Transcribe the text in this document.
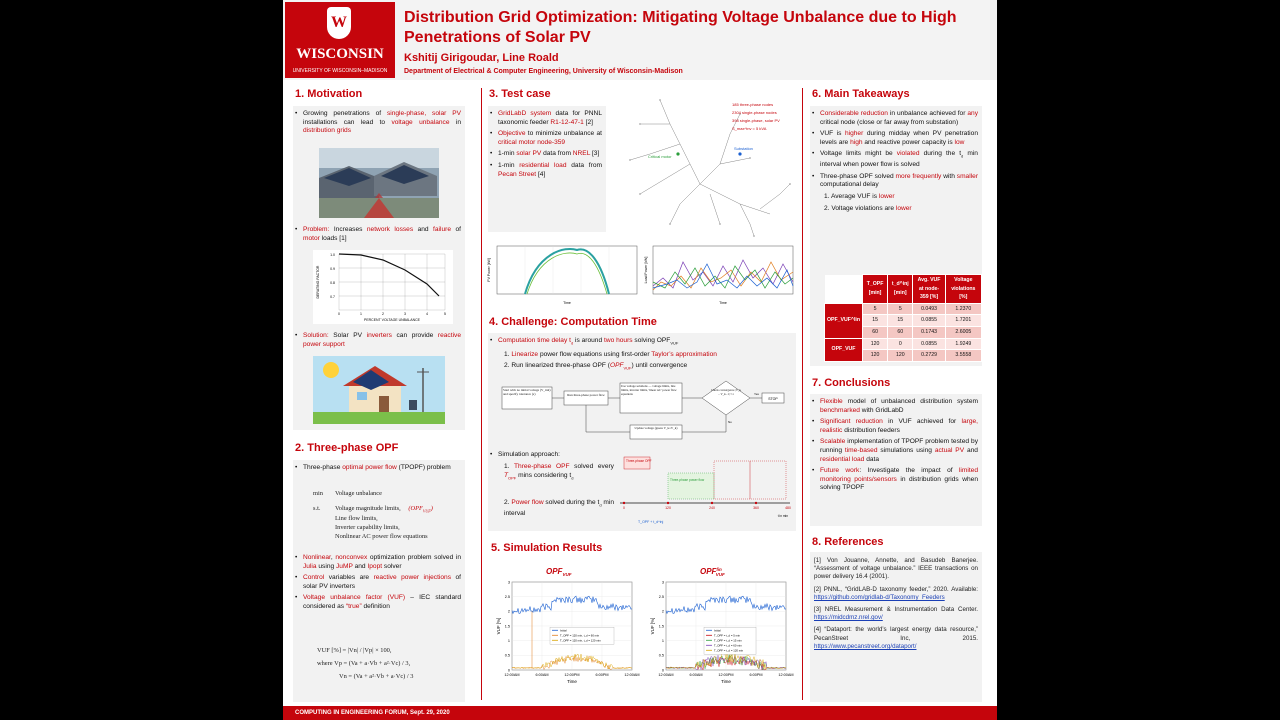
W
WISCONSIN
UNIVERSITY OF WISCONSIN–MADISON
Distribution Grid Optimization: Mitigating Voltage Unbalance due to High Penetrations of Solar PV
Kshitij Girigoudar, Line Roald
Department of Electrical & Computer Engineering, University of Wisconsin-Madison
1. Motivation
• Growing penetrations of single-phase, solar PV installations can lead to voltage unbalance in distribution grids
• Problem: Increases network losses and failure of motor loads [1]
1.0
0.9
0.8
0.7
0	1	2	3	4	5
PERCENT VOLTAGE UNBALANCE
DERATING FACTOR
• Solution: Solar PV inverters can provide reactive power support
2. Three-phase OPF
• Three-phase optimal power flow (TPOPF) problem
min Voltage unbalance
s.t. Voltage magnitude limits, $(OPF_{VUF})$
Line flow limits,
Inverter capability limits,
Nonlinear AC power flow equations
• Nonlinear, nonconvex optimization problem solved in Julia using JuMP and Ipopt solver
• Control variables are reactive power injections of solar PV inverters
• Voltage unbalance factor (VUF) – IEC standard considered as “true” definition
VUF [%] = |Vn| / |Vp| × 100,
where Vp = (Va + a·Vb + a²·Vc) / 3,
Vn = (Va + a²·Vb + a·Vc) / 3
3. Test case
• GridLabD system data for PNNL taxonomic feeder R1-12-47-1 [2]
• Objective to minimize unbalance at critical motor node-359
• 1-min solar PV data from NREL [3]
• 1-min residential load data from Pecan Street [4]
185 three-phase nodes
2304 single-phase nodes
398 single-phase, solar PV
S_max^inv = 5 kVA
Critical motor
Substation
PV Power [kW]
Time
Load Power [kW]
Time
4. Challenge: Computation Time
• Computation time delay $t_d$ is around two hours solving $OPF_{VUF}$
1. Linearize power flow equations using first-order Taylor’s approximation
2. Run linearized three-phase OPF $(OPF_{VUF})$ until convergence
Start with no initial voltage (V_init) and specify tolerance (ε)	Run three-phase power flow
Use voltage solutions — voltage limits, line limits, inverter limits, 'linear AC' power flow equations
Check convergence |V_k − V_k−1| < ε
STOP
Yes
No
Update voltage (guess V_k=V_k)
• Simulation approach:
1. Three-phase OPF solved every $T_{OPF}$ mins considering $t_d$
2. Power flow solved during the $t_d$ min interval
Three-phase OPF
Three-phase power flow
0	120	240	360	480
t in min
T_OPF + t_d^inj
5. Simulation Results
$OPF_{VUF}$	$OPF^{lin}$ VUF
0
0.5
1
1.5
2
2.5
3
12:00AM	6:00AM	12:00PM	6:00PM	12:00AM
Time
VUF [%]	Initial
T_OPF = 120 min, t_d = 60 min
T_OPF = 120 min, t_d = 120 min
0
0.5
1
1.5
2
2.5
3
12:00AM	6:00AM	12:00PM	6:00PM	12:00AM
Time
VUF [%]	Initial
T_OPF = t_d = 5 min
T_OPF = t_d = 15 min
T_OPF = t_d = 60 min
T_OPF = t_d = 120 min
6. Main Takeaways
• Considerable reduction in unbalance achieved for any critical node (close or far away from substation)
• VUF is higher during midday when PV penetration levels are high and reactive power capacity is low
• Voltage limits might be violated during the $t_d$ min interval when power flow is solved
• Three-phase OPF solved more frequently with smaller computational delay
1. Average VUF is lower
2. Voltage violations are lower
	T_OPF [min]	t_d^inj [min]	Avg. VUF at node-359 [%]	Voltage violations [%]
OPF_VUF^lin	5	5	0.0493	1.2370
	15	15	0.0855	1.7201
	60	60	0.1743	2.6005
OPF_VUF	120	0	0.0855	1.9249
	120	120	0.2729	3.5558
7. Conclusions
• Flexible model of unbalanced distribution system benchmarked with GridLabD
• Significant reduction in VUF achieved for large, realistic distribution feeders
• Scalable implementation of TPOPF problem tested by running time-based simulations using actual PV and residential load data
• Future work: Investigate the impact of limited monitoring points/sensors in distribution grids when solving TPOPF
8. References
[1] Von Jouanne, Annette, and Basudeb Banerjee. “Assessment of voltage unbalance.” IEEE transactions on power delivery 16.4 (2001).
[2] PNNL, “GridLAB-D taxonomy feeder,” 2020. Available: https://github.com/gridlab-d/Taxonomy_Feeders
[3] NREL Measurement & Instrumentation Data Center. https://midcdmz.nrel.gov/
[4] “Dataport: the world’s largest energy data resource,” PecanStreet Inc, 2015. https://www.pecanstreet.org/dataport/
COMPUTING IN ENGINEERING FORUM, Sept. 29, 2020
